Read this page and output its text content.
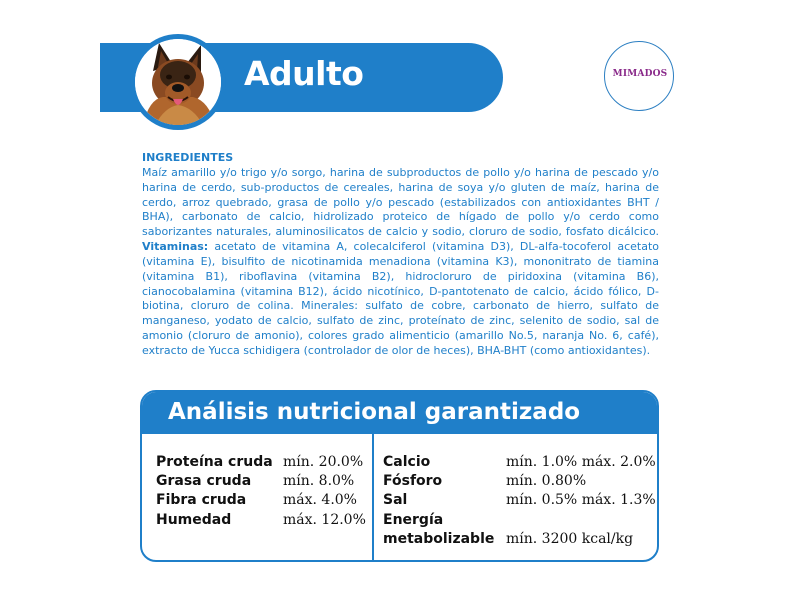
Adulto	MIMADOS
INGREDIENTES
Maíz amarillo y/o trigo y/o sorgo, harina de subproductos de pollo y/o harina de pescado y/o harina de cerdo, sub-productos de cereales, harina de soya y/o gluten de maíz, harina de cerdo, arroz quebrado, grasa de pollo y/o pescado (estabilizados con antioxidantes BHT / BHA), carbonato de calcio, hidrolizado proteico de hígado de pollo y/o cerdo como saborizantes naturales, aluminosilicatos de calcio y sodio, cloruro de sodio, fosfato dicálcico. Vitaminas: acetato de vitamina A, colecalciferol (vitamina D3), DL-alfa-tocoferol acetato (vitamina E), bisulfito de nicotinamida menadiona (vitamina K3), mononitrato de tiamina (vitamina B1), riboflavina (vitamina B2), hidrocloruro de piridoxina (vitamina B6), cianocobalamina (vitamina B12), ácido nicotínico, D-pantotenato de calcio, ácido fólico, D-biotina, cloruro de colina. Minerales: sulfato de cobre, carbonato de hierro, sulfato de manganeso, yodato de calcio, sulfato de zinc, proteínato de zinc, selenito de sodio, sal de amonio (cloruro de amonio), colores grado alimenticio (amarillo No.5, naranja No. 6, café), extracto de Yucca schidigera (controlador de olor de heces), BHA-BHT (como antioxidantes).
Análisis nutricional garantizado
Proteína cruda mín. 20.0%
Grasa cruda mín. 8.0%
Fibra cruda	máx. 4.0%
Humedad	máx. 12.0%
Calcio	mín. 1.0% máx. 2.0%
Fósforo	mín. 0.80%
Sal	mín. 0.5% máx. 1.3%
Energía
metabolizable mín. 3200 kcal/kg
